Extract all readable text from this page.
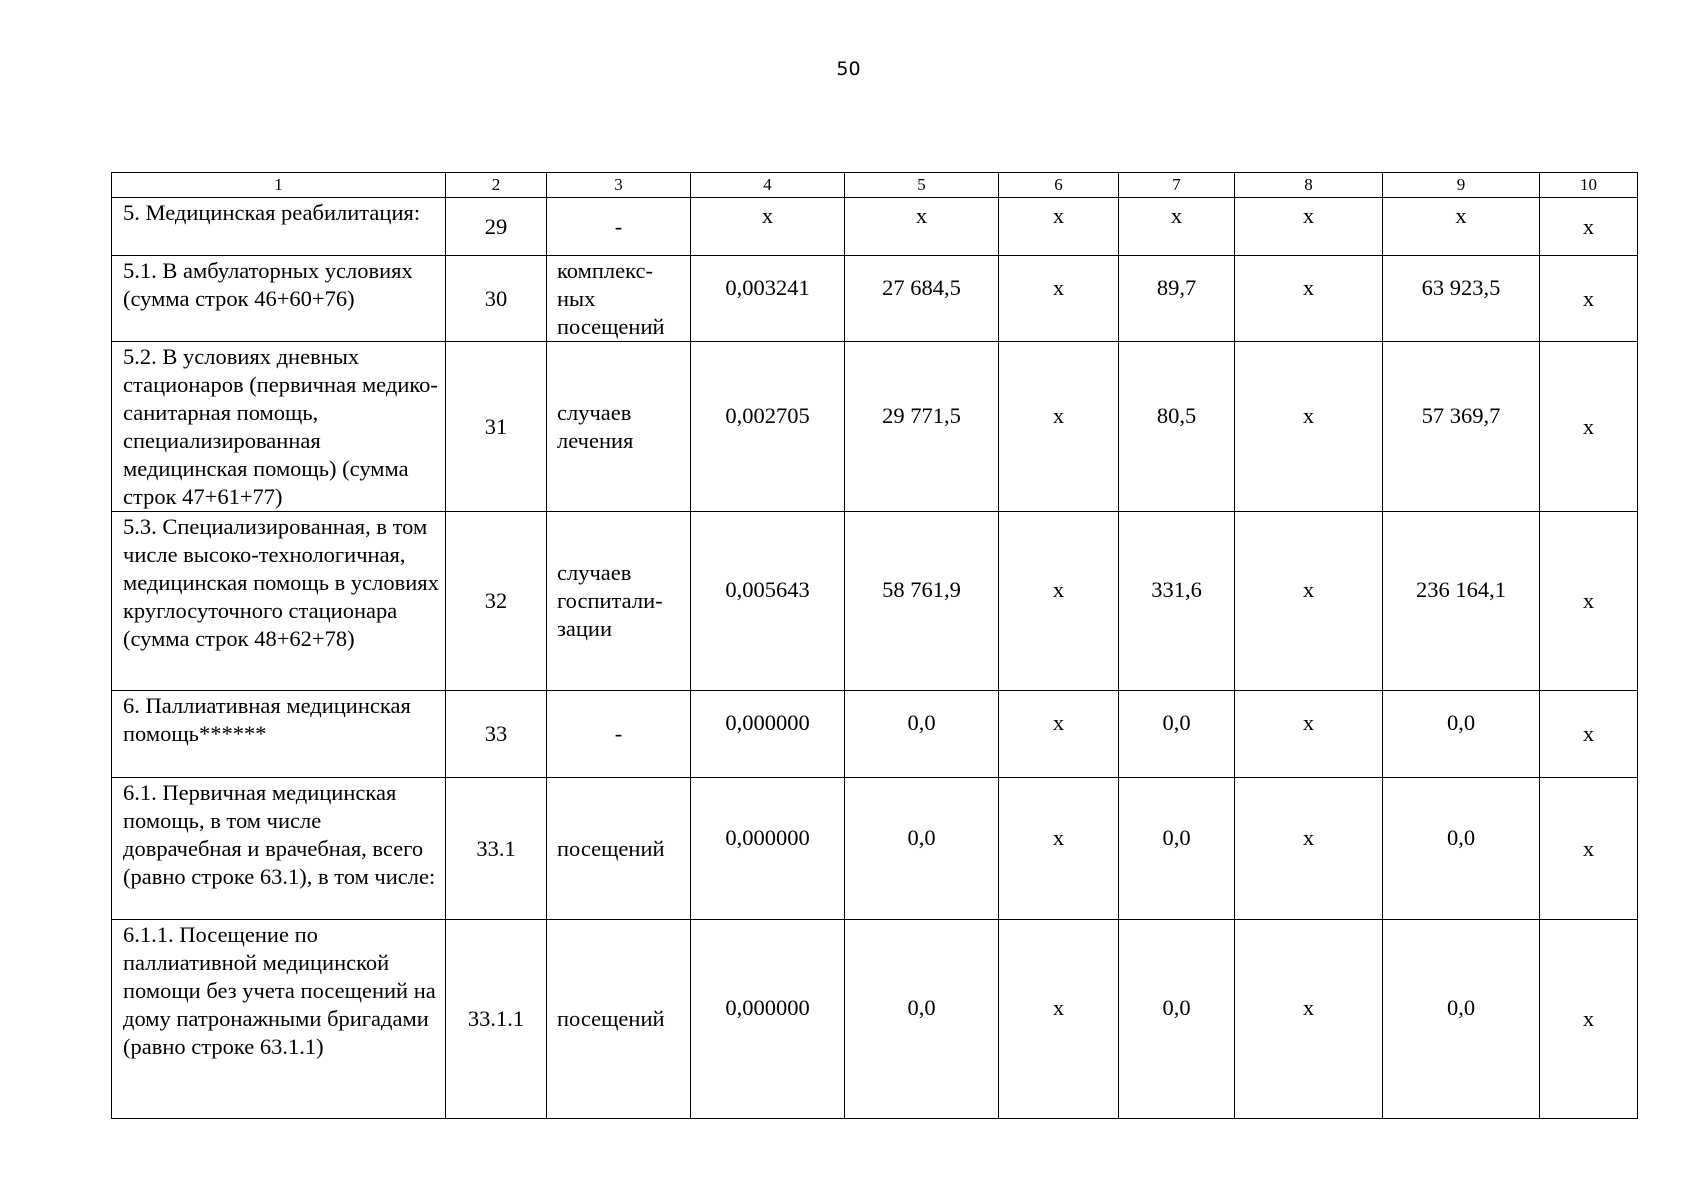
50
1	2	3	4	5	6	7	8	9	10
5. Медицинская реабилитация:	29	-	х	х	х	х	х	х	х
5.1. В амбулаторных условиях (сумма строк 46+60+76)	30	комплекс-
ных
посещений	0,003241	27 684,5	х	89,7	х	63 923,5	х
5.2. В условиях дневных стационаров (первичная медико-санитарная помощь, специализированная медицинская помощь) (сумма строк 47+61+77)	31	случаев лечения	0,002705	29 771,5	х	80,5	х	57 369,7	х
5.3. Специализированная, в том числе высоко-технологичная, медицинская помощь в условиях круглосуточного стационара (сумма строк 48+62+78)	32	случаев
госпитали-
зации	0,005643	58 761,9	х	331,6	х	236 164,1	х
6. Паллиативная медицинская помощь******	33	-	0,000000	0,0	х	0,0	х	0,0	х
6.1. Первичная медицинская помощь, в том числе доврачебная и врачебная, всего (равно строке 63.1), в том числе:	33.1	посещений	0,000000	0,0	х	0,0	х	0,0	х
6.1.1. Посещение по паллиативной медицинской помощи без учета посещений на дому патронажными бригадами (равно строке 63.1.1)	33.1.1	посещений	0,000000	0,0	х	0,0	х	0,0	х
